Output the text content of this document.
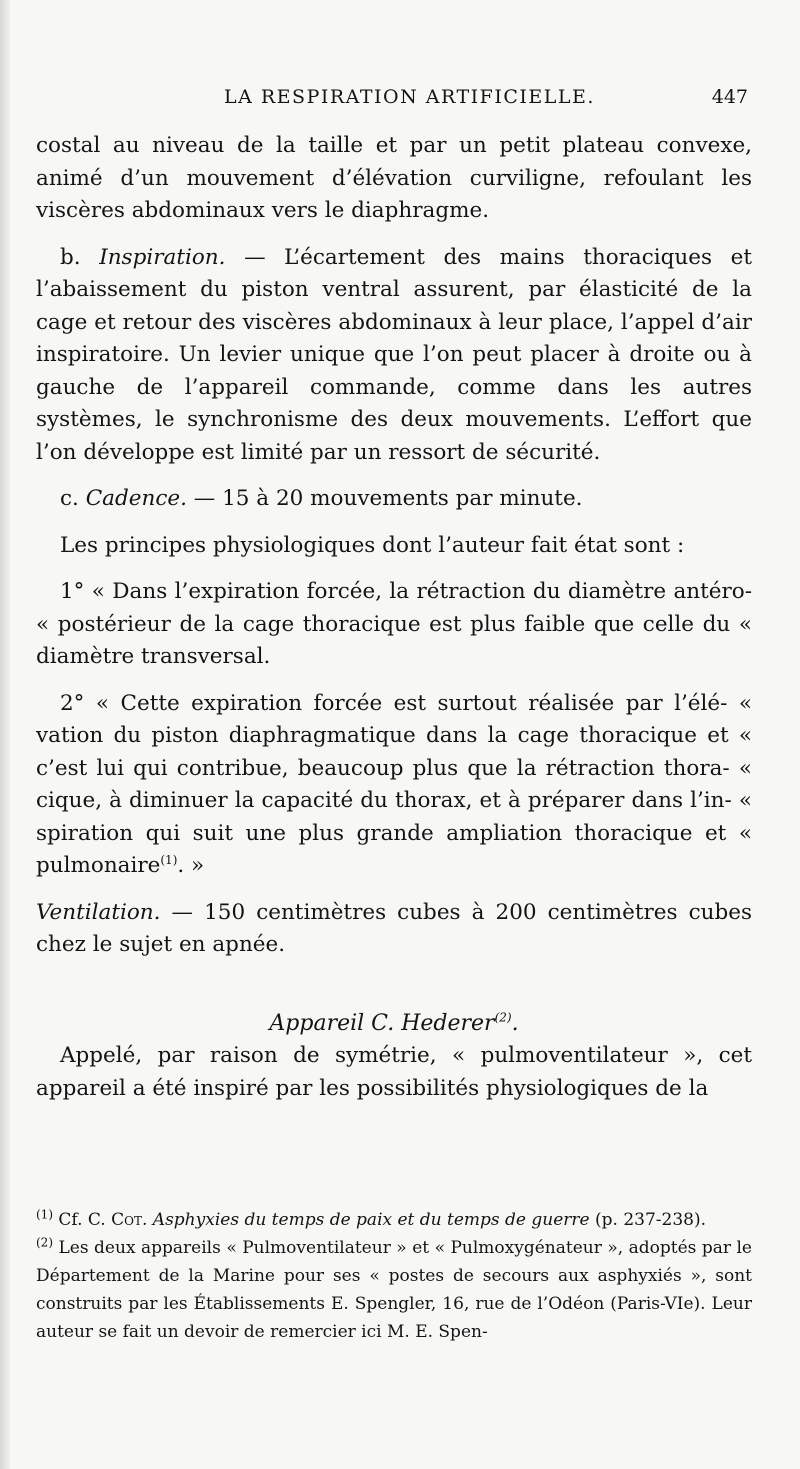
LA RESPIRATION ARTIFICIELLE.	447

costal au niveau de la taille et par un petit plateau convexe, animé d’un mouvement d’élévation curviligne, refoulant les viscères abdominaux vers le diaphragme.

b. Inspiration. — L’écartement des mains thoraciques et l’abaissement du piston ventral assurent, par élasticité de la cage et retour des viscères abdominaux à leur place, l’appel d’air inspiratoire. Un levier unique que l’on peut placer à droite ou à gauche de l’appareil commande, comme dans les autres systèmes, le synchronisme des deux mouvements. L’effort que l’on développe est limité par un ressort de sécurité.

c. Cadence. — 15 à 20 mouvements par minute.

Les principes physiologiques dont l’auteur fait état sont :

1° « Dans l’expiration forcée, la rétraction du diamètre antéro- « postérieur de la cage thoracique est plus faible que celle du « diamètre transversal.

2° « Cette expiration forcée est surtout réalisée par l’élé- « vation du piston diaphragmatique dans la cage thoracique et « c’est lui qui contribue, beaucoup plus que la rétraction thora- « cique, à diminuer la capacité du thorax, et à préparer dans l’in- « spiration qui suit une plus grande ampliation thoracique et « pulmonaire$^{(1)}$. »

Ventilation. — 150 centimètres cubes à 200 centimètres cubes chez le sujet en apnée.

Appareil C. Hederer$^{(2)}$.

Appelé, par raison de symétrie, « pulmoventilateur », cet appareil a été inspiré par les possibilités physiologiques de la

$^{(1)}$ Cf. C. Cot. Asphyxies du temps de paix et du temps de guerre (p. 237-238).

$^{(2)}$ Les deux appareils « Pulmoventilateur » et « Pulmoxygénateur », adoptés par le Département de la Marine pour ses « postes de secours aux asphyxiés », sont construits par les Établissements E. Spengler, 16, rue de l’Odéon (Paris-VIe). Leur auteur se fait un devoir de remercier ici M. E. Spen-
